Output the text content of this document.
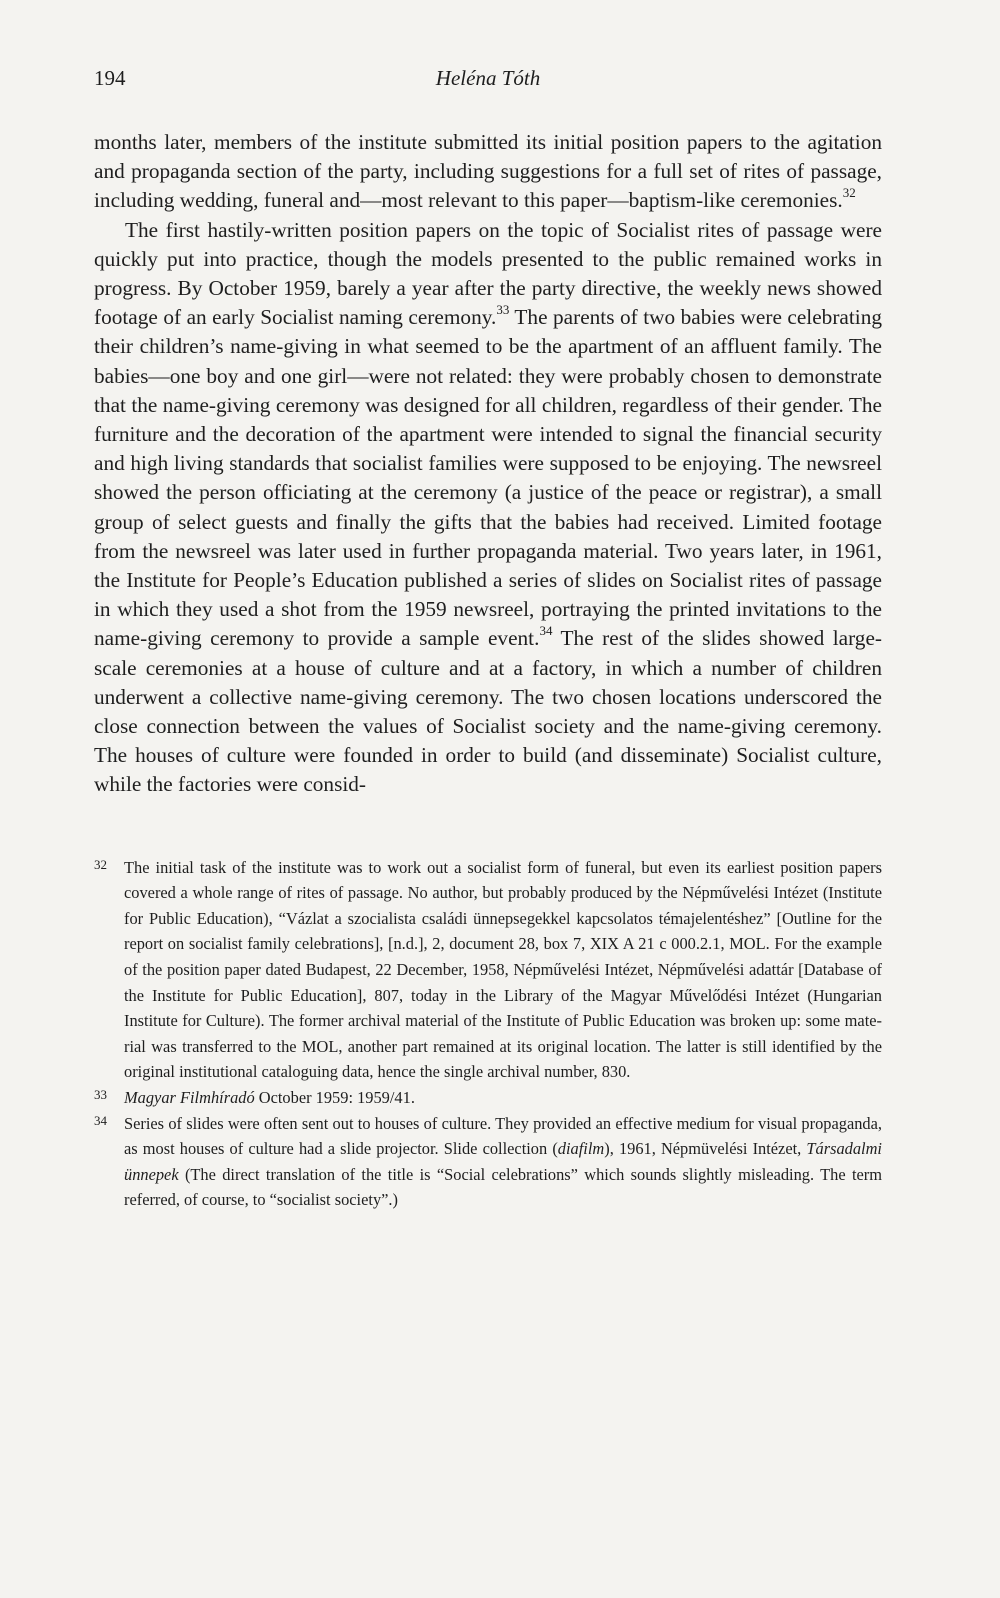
194	Heléna Tóth

months later, members of the institute submitted its initial position papers to the agitation and propaganda section of the party, including suggestions for a full set of rites of passage, including wedding, funeral and—most relevant to this paper—baptism-like ceremonies.$^{32}$

The first hastily-written position papers on the topic of Socialist rites of passage were quickly put into practice, though the models presented to the public remained works in progress. By October 1959, barely a year after the party directive, the weekly news showed footage of an early Socialist naming ceremony.$^{33}$ The parents of two babies were celebrating their children’s name-giving in what seemed to be the apartment of an affluent family. The babies—one boy and one girl—were not related: they were probably chosen to demonstrate that the name-giving ceremony was designed for all children, regardless of their gender. The furniture and the decoration of the apartment were intended to signal the financial security and high living standards that socialist families were supposed to be enjoying. The newsreel showed the person officiating at the ceremony (a justice of the peace or registrar), a small group of select guests and finally the gifts that the babies had received. Limited footage from the newsreel was later used in further propaganda material. Two years later, in 1961, the Institute for People’s Education published a series of slides on Socialist rites of passage in which they used a shot from the 1959 newsreel, portraying the printed invitations to the name-giving ceremony to provide a sample event.$^{34}$ The rest of the slides showed large-scale ceremonies at a house of culture and at a factory, in which a number of children underwent a collective name-giving ceremony. The two chosen locations underscored the close connection between the values of Socialist society and the name-giving ceremony. The houses of culture were founded in order to build (and disseminate) Socialist culture, while the factories were consid-

32 The initial task of the institute was to work out a socialist form of funeral, but even its earliest position papers covered a whole range of rites of passage. No author, but probably produced by the Népművelési Intézet (Institute for Public Education), “Vázlat a szocialista családi ünnepsegekkel kapcsolatos témajelentéshez” [Outline for the report on socialist family celebrations], [n.d.], 2, document 28, box 7, XIX A 21 c 000.2.1, MOL. For the example of the position paper dated Budapest, 22 December, 1958, Népművelési Intézet, Népművelési adattár [Database of the Institute for Public Education], 807, today in the Library of the Magyar Művelődési Intézet (Hungarian Institute for Culture). The former archival material of the Institute of Public Education was broken up: some material was transferred to the MOL, another part remained at its original location. The latter is still identified by the original institutional cataloguing data, hence the single archival number, 830.
33 Magyar Filmhíradó October 1959: 1959/41.
34 Series of slides were often sent out to houses of culture. They provided an effective medium for visual propaganda, as most houses of culture had a slide projector. Slide collection (diafilm), 1961, Népmüvelési Intézet, Társadalmi ünnepek (The direct translation of the title is “Social celebrations” which sounds slightly misleading. The term referred, of course, to “socialist society”.)
